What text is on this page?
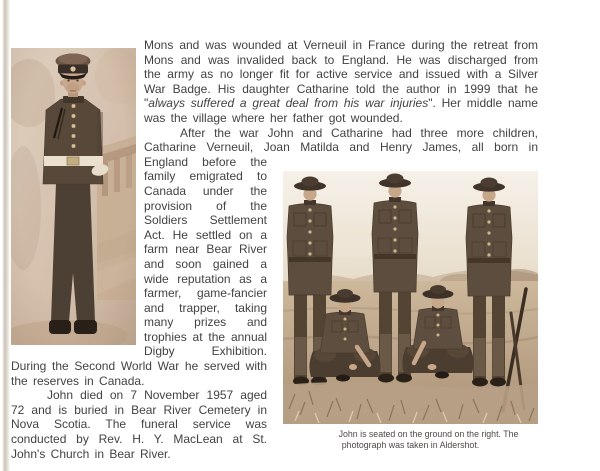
Mons and was wounded at Verneuil in France during the retreat from Mons and was invalided back to England. He was discharged from the army as no longer fit for active service and issued with a Silver War Badge. His daughter Catharine told the author in 1999 that he "always suffered a great deal from his war injuries". Her middle name was the village where her father got wounded.

After the war John and Catharine had three more children, Catharine Verneuil, Joan Matilda and Henry James, all born in England
John is seated on the ground on the right. The photograph was taken in Aldershot.
before the family emigrated to Canada under the provision of the Soldiers Settlement Act. He settled on a farm near Bear River and soon gained a wide reputation as a farmer, game-fancier and trapper, taking many prizes and trophies at the annual Digby Exhibition. During the Second World War he served with the reserves in Canada.

John died on 7 November 1957 aged 72 and is buried in Bear River Cemetery in Nova Scotia. The funeral service was conducted by Rev. H. Y. MacLean at St. John's Church in Bear River.
